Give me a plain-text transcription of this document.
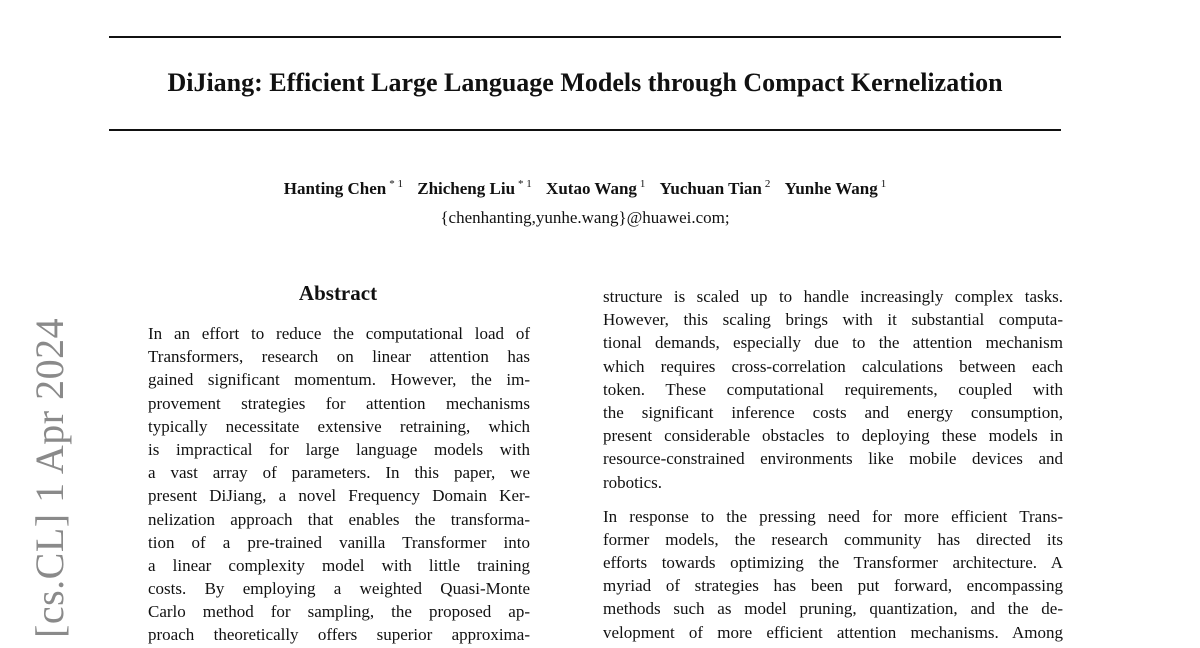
[cs.CL] 1 Apr 2024
DiJiang: Efficient Large Language Models through Compact Kernelization
Hanting Chen $^{* 1}$ Zhicheng Liu $^{* 1}$ Xutao Wang $^1$ Yuchuan Tian $^2$ Yunhe Wang $^1$
{chenhanting,yunhe.wang}@huawei.com;
Abstract
In an effort to reduce the computational load of
Transformers, research on linear attention has
gained significant momentum. However, the im-
provement strategies for attention mechanisms
typically necessitate extensive retraining, which
is impractical for large language models with
a vast array of parameters. In this paper, we
present DiJiang, a novel Frequency Domain Ker-
nelization approach that enables the transforma-
tion of a pre-trained vanilla Transformer into
a linear complexity model with little training
costs. By employing a weighted Quasi-Monte
Carlo method for sampling, the proposed ap-
proach theoretically offers superior approxima-
structure is scaled up to handle increasingly complex tasks.
However, this scaling brings with it substantial computa-
tional demands, especially due to the attention mechanism
which requires cross-correlation calculations between each
token. These computational requirements, coupled with
the significant inference costs and energy consumption,
present considerable obstacles to deploying these models in
resource-constrained environments like mobile devices and
robotics.
In response to the pressing need for more efficient Trans-
former models, the research community has directed its
efforts towards optimizing the Transformer architecture. A
myriad of strategies has been put forward, encompassing
methods such as model pruning, quantization, and the de-
velopment of more efficient attention mechanisms. Among
